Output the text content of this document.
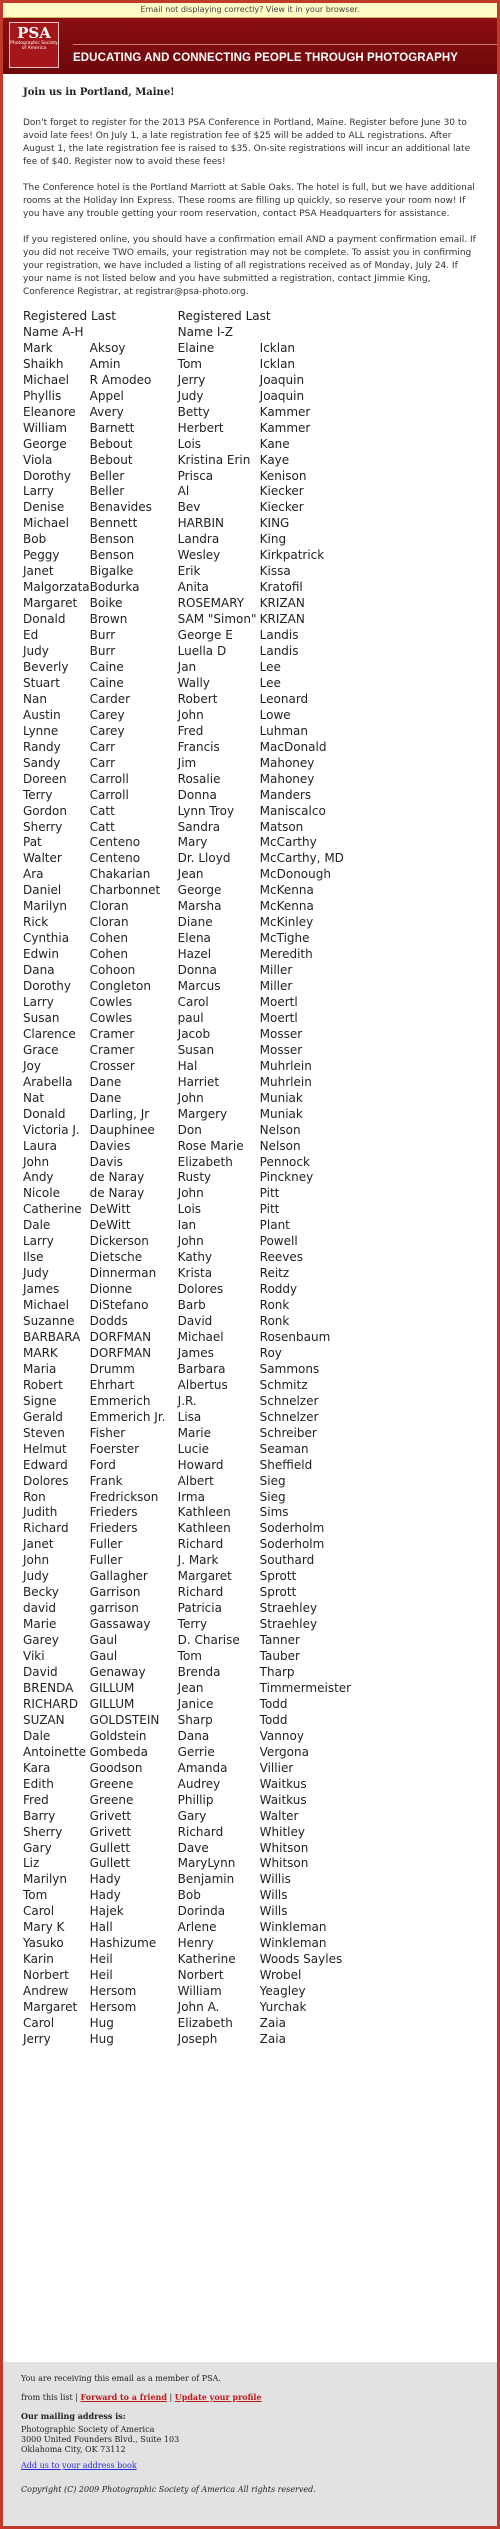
Email not displaying correctly? View it in your browser.
PSA
Photographic Society of America
EDUCATING AND CONNECTING PEOPLE THROUGH PHOTOGRAPHY
Join us in Portland, Maine!

Don't forget to register for the 2013 PSA Conference in Portland, Maine. Register before June 30 to avoid late fees! On July 1, a late registration fee of $25 will be added to ALL registrations. After August 1, the late registration fee is raised to $35. On-site registrations will incur an additional late fee of $40. Register now to avoid these fees!

The Conference hotel is the Portland Marriott at Sable Oaks. The hotel is full, but we have additional rooms at the Holiday Inn Express. These rooms are filling up quickly, so reserve your room now! If you have any trouble getting your room reservation, contact PSA Headquarters for assistance.

If you registered online, you should have a confirmation email AND a payment confirmation email. If you did not receive TWO emails, your registration may not be complete. To assist you in confirming your registration, we have included a listing of all registrations received as of Monday, July 24. If your name is not listed below and you have submitted a registration, contact Jimmie King, Conference Registrar, at registrar@psa-photo.org.

Registered Last		Registered Last	
Name A-H		Name I-Z	
Mark	Aksoy	Elaine	Icklan
Shaikh	Amin	Tom	Icklan
Michael	R Amodeo	Jerry	Joaquin
Phyllis	Appel	Judy	Joaquin
Eleanore	Avery	Betty	Kammer
William	Barnett	Herbert	Kammer
George	Bebout	Lois	Kane
Viola	Bebout	Kristina Erin	Kaye
Dorothy	Beller	Prisca	Kenison
Larry	Beller	Al	Kiecker
Denise	Benavides	Bev	Kiecker
Michael	Bennett	HARBIN	KING
Bob	Benson	Landra	King
Peggy	Benson	Wesley	Kirkpatrick
Janet	Bigalke	Erik	Kissa
Malgorzata	Bodurka	Anita	Kratofil
Margaret	Boike	ROSEMARY	KRIZAN
Donald	Brown	SAM "Simon"	KRIZAN
Ed	Burr	George E	Landis
Judy	Burr	Luella D	Landis
Beverly	Caine	Jan	Lee
Stuart	Caine	Wally	Lee
Nan	Carder	Robert	Leonard
Austin	Carey	John	Lowe
Lynne	Carey	Fred	Luhman
Randy	Carr	Francis	MacDonald
Sandy	Carr	Jim	Mahoney
Doreen	Carroll	Rosalie	Mahoney
Terry	Carroll	Donna	Manders
Gordon	Catt	Lynn Troy	Maniscalco
Sherry	Catt	Sandra	Matson
Pat	Centeno	Mary	McCarthy
Walter	Centeno	Dr. Lloyd	McCarthy, MD
Ara	Chakarian	Jean	McDonough
Daniel	Charbonnet	George	McKenna
Marilyn	Cloran	Marsha	McKenna
Rick	Cloran	Diane	McKinley
Cynthia	Cohen	Elena	McTighe
Edwin	Cohen	Hazel	Meredith
Dana	Cohoon	Donna	Miller
Dorothy	Congleton	Marcus	Miller
Larry	Cowles	Carol	Moertl
Susan	Cowles	paul	Moertl
Clarence	Cramer	Jacob	Mosser
Grace	Cramer	Susan	Mosser
Joy	Crosser	Hal	Muhrlein
Arabella	Dane	Harriet	Muhrlein
Nat	Dane	John	Muniak
Donald	Darling, Jr	Margery	Muniak
Victoria J.	Dauphinee	Don	Nelson
Laura	Davies	Rose Marie	Nelson
John	Davis	Elizabeth	Pennock
Andy	de Naray	Rusty	Pinckney
Nicole	de Naray	John	Pitt
Catherine	DeWitt	Lois	Pitt
Dale	DeWitt	Ian	Plant
Larry	Dickerson	John	Powell
Ilse	Dietsche	Kathy	Reeves
Judy	Dinnerman	Krista	Reitz
James	Dionne	Dolores	Roddy
Michael	DiStefano	Barb	Ronk
Suzanne	Dodds	David	Ronk
BARBARA	DORFMAN	Michael	Rosenbaum
MARK	DORFMAN	James	Roy
Maria	Drumm	Barbara	Sammons
Robert	Ehrhart	Albertus	Schmitz
Signe	Emmerich	J.R.	Schnelzer
Gerald	Emmerich Jr.	Lisa	Schnelzer
Steven	Fisher	Marie	Schreiber
Helmut	Foerster	Lucie	Seaman
Edward	Ford	Howard	Sheffield
Dolores	Frank	Albert	Sieg
Ron	Fredrickson	Irma	Sieg
Judith	Frieders	Kathleen	Sims
Richard	Frieders	Kathleen	Soderholm
Janet	Fuller	Richard	Soderholm
John	Fuller	J. Mark	Southard
Judy	Gallagher	Margaret	Sprott
Becky	Garrison	Richard	Sprott
david	garrison	Patricia	Straehley
Marie	Gassaway	Terry	Straehley
Garey	Gaul	D. Charise	Tanner
Viki	Gaul	Tom	Tauber
David	Genaway	Brenda	Tharp
BRENDA	GILLUM	Jean	Timmermeister
RICHARD	GILLUM	Janice	Todd
SUZAN	GOLDSTEIN	Sharp	Todd
Dale	Goldstein	Dana	Vannoy
Antoinette	Gombeda	Gerrie	Vergona
Kara	Goodson	Amanda	Villier
Edith	Greene	Audrey	Waitkus
Fred	Greene	Phillip	Waitkus
Barry	Grivett	Gary	Walter
Sherry	Grivett	Richard	Whitley
Gary	Gullett	Dave	Whitson
Liz	Gullett	MaryLynn	Whitson
Marilyn	Hady	Benjamin	Willis
Tom	Hady	Bob	Wills
Carol	Hajek	Dorinda	Wills
Mary K	Hall	Arlene	Winkleman
Yasuko	Hashizume	Henry	Winkleman
Karin	Heil	Katherine	Woods Sayles
Norbert	Heil	Norbert	Wrobel
Andrew	Hersom	William	Yeagley
Margaret	Hersom	John A.	Yurchak
Carol	Hug	Elizabeth	Zaia
Jerry	Hug	Joseph	Zaia
You are receiving this email as a member of PSA.
from this list | Forward to a friend | Update your profile
Our mailing address is:
Photographic Society of America
3000 United Founders Blvd., Suite 103
Oklahoma City, OK 73112
Add us to your address book
Copyright (C) 2009 Photographic Society of America All rights reserved.
